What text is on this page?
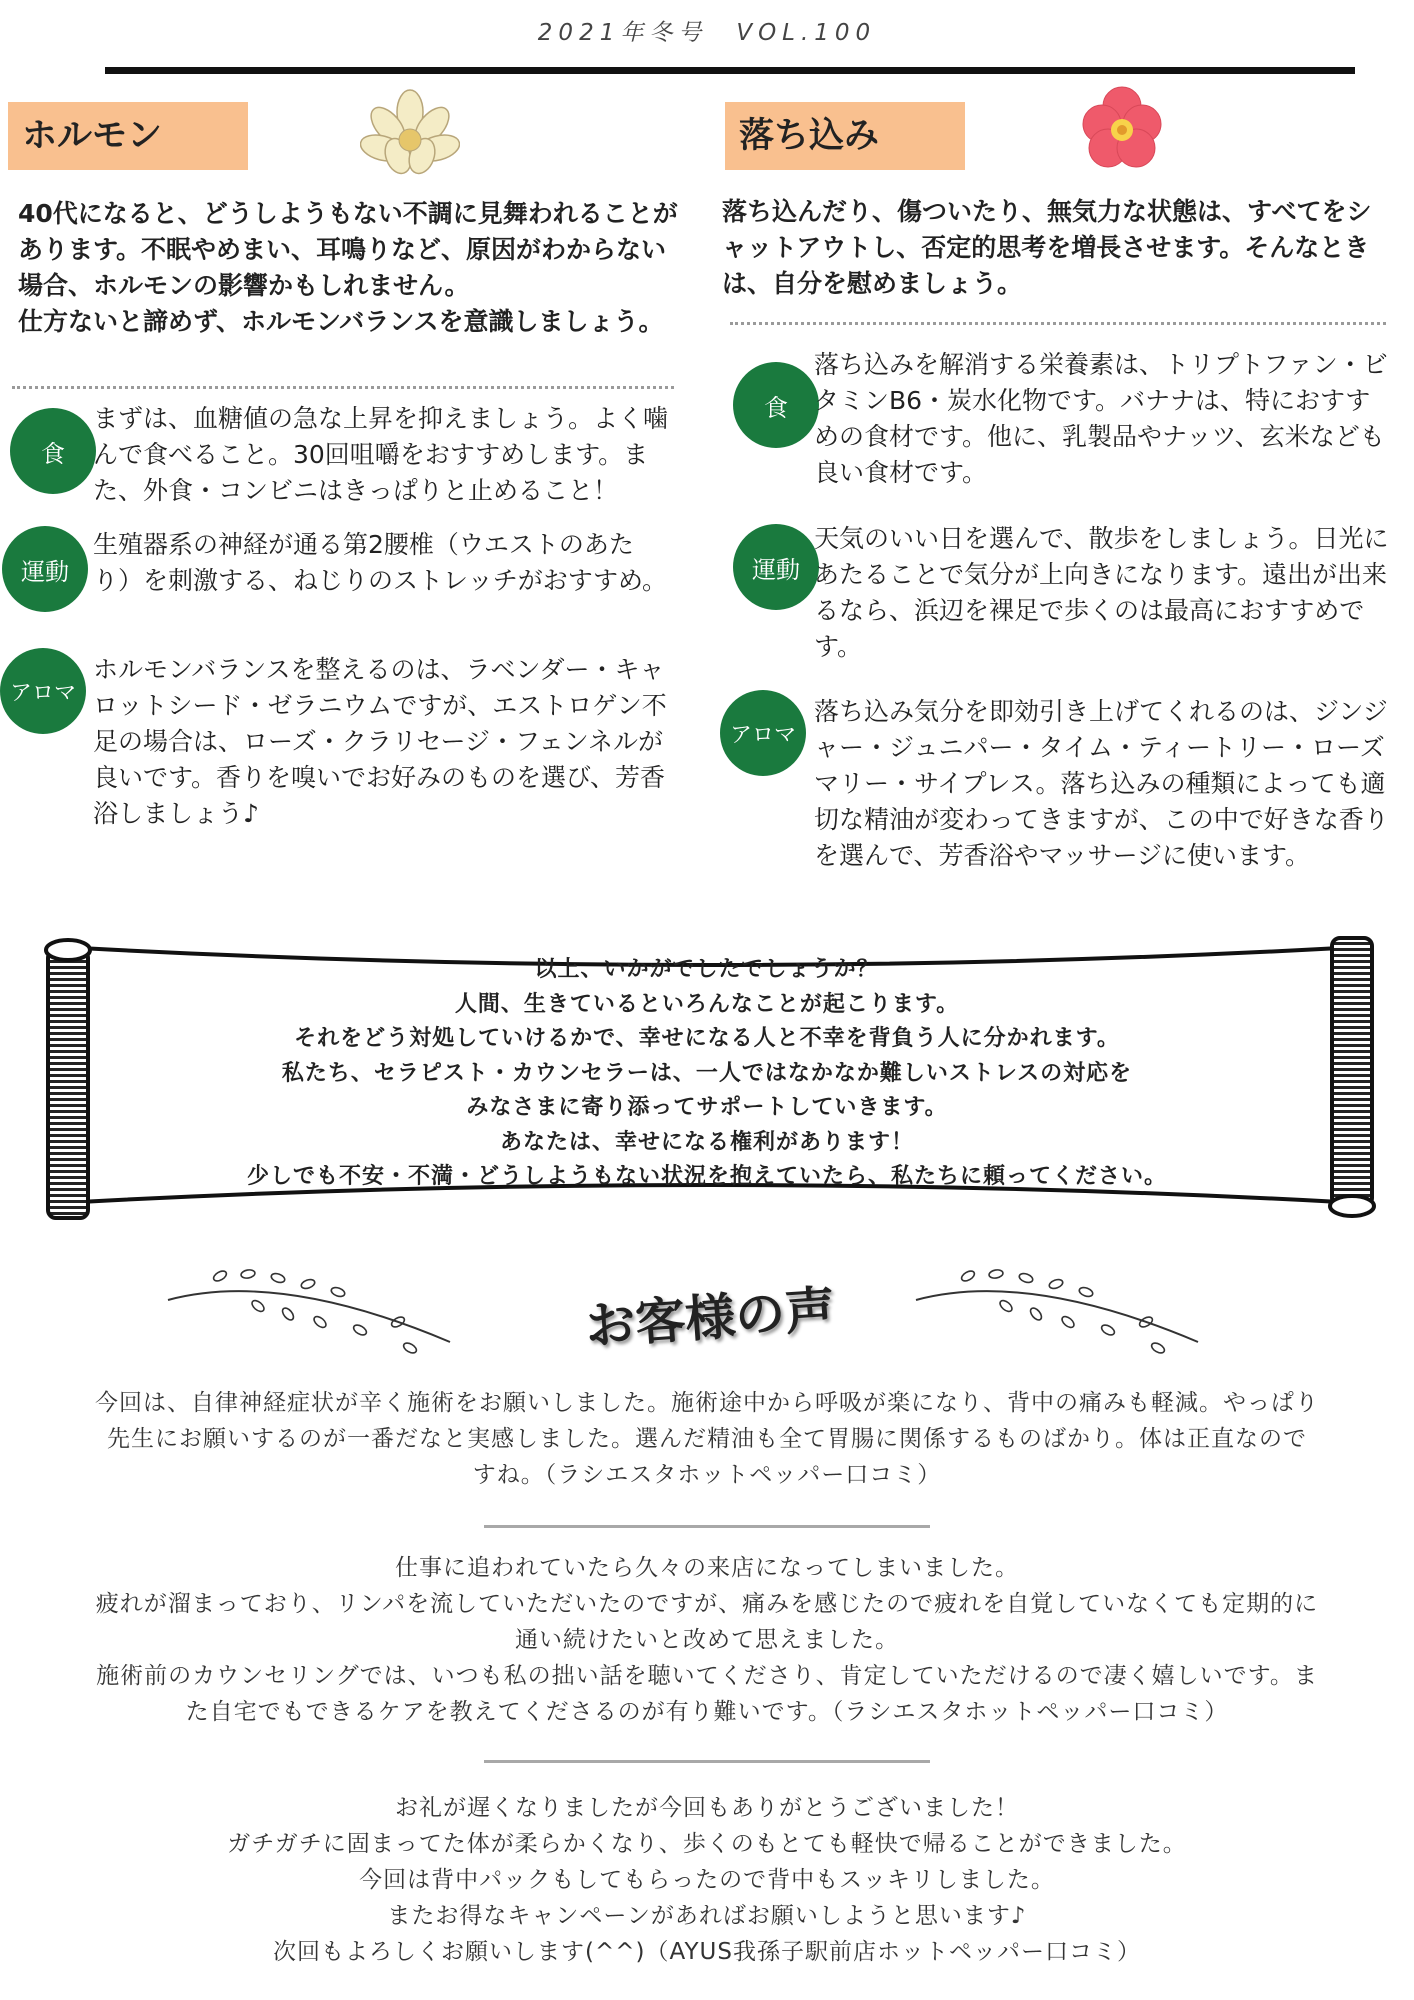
2021年冬号　VOL.100
ホルモン
40代になると、どうしようもない不調に見舞われることがあります。不眠やめまい、耳鳴りなど、原因がわからない場合、ホルモンの影響かもしれません。
仕方ないと諦めず、ホルモンバランスを意識しましょう。
食
まずは、血糖値の急な上昇を抑えましょう。よく噛んで食べること。30回咀嚼をおすすめします。また、外食・コンビニはきっぱりと止めること！
運動
生殖器系の神経が通る第2腰椎（ウエストのあたり）を刺激する、ねじりのストレッチがおすすめ。
アロマ
ホルモンバランスを整えるのは、ラベンダー・キャロットシード・ゼラニウムですが、エストロゲン不足の場合は、ローズ・クラリセージ・フェンネルが良いです。香りを嗅いでお好みのものを選び、芳香浴しましょう♪
落ち込み
落ち込んだり、傷ついたり、無気力な状態は、すべてをシャットアウトし、否定的思考を増長させます。そんなときは、自分を慰めましょう。
食
落ち込みを解消する栄養素は、トリプトファン・ビタミンB6・炭水化物です。バナナは、特におすすめの食材です。他に、乳製品やナッツ、玄米なども良い食材です。
運動
天気のいい日を選んで、散歩をしましょう。日光にあたることで気分が上向きになります。遠出が出来るなら、浜辺を裸足で歩くのは最高におすすめです。
アロマ
落ち込み気分を即効引き上げてくれるのは、ジンジャー・ジュニパー・タイム・ティートリー・ローズマリー・サイプレス。落ち込みの種類によっても適切な精油が変わってきますが、この中で好きな香りを選んで、芳香浴やマッサージに使います。
以上、いかがでしたでしょうか？
人間、生きているといろんなことが起こります。
それをどう対処していけるかで、幸せになる人と不幸を背負う人に分かれます。
私たち、セラピスト・カウンセラーは、一人ではなかなか難しいストレスの対応を
みなさまに寄り添ってサポートしていきます。
あなたは、幸せになる権利があります！
少しでも不安・不満・どうしようもない状況を抱えていたら、私たちに頼ってください。
お客様の声
今回は、自律神経症状が辛く施術をお願いしました。施術途中から呼吸が楽になり、背中の痛みも軽減。やっぱり
先生にお願いするのが一番だなと実感しました。選んだ精油も全て胃腸に関係するものばかり。体は正直なので
すね。（ラシエスタホットペッパー口コミ）
仕事に追われていたら久々の来店になってしまいました。
疲れが溜まっており、リンパを流していただいたのですが、痛みを感じたので疲れを自覚していなくても定期的に
通い続けたいと改めて思えました。
施術前のカウンセリングでは、いつも私の拙い話を聴いてくださり、肯定していただけるので凄く嬉しいです。ま
た自宅でもできるケアを教えてくださるのが有り難いです。（ラシエスタホットペッパー口コミ）
お礼が遅くなりましたが今回もありがとうございました！
ガチガチに固まってた体が柔らかくなり、歩くのもとても軽快で帰ることができました。
今回は背中パックもしてもらったので背中もスッキリしました。
またお得なキャンペーンがあればお願いしようと思います♪
次回もよろしくお願いします(^^)（AYUS我孫子駅前店ホットペッパー口コミ）
